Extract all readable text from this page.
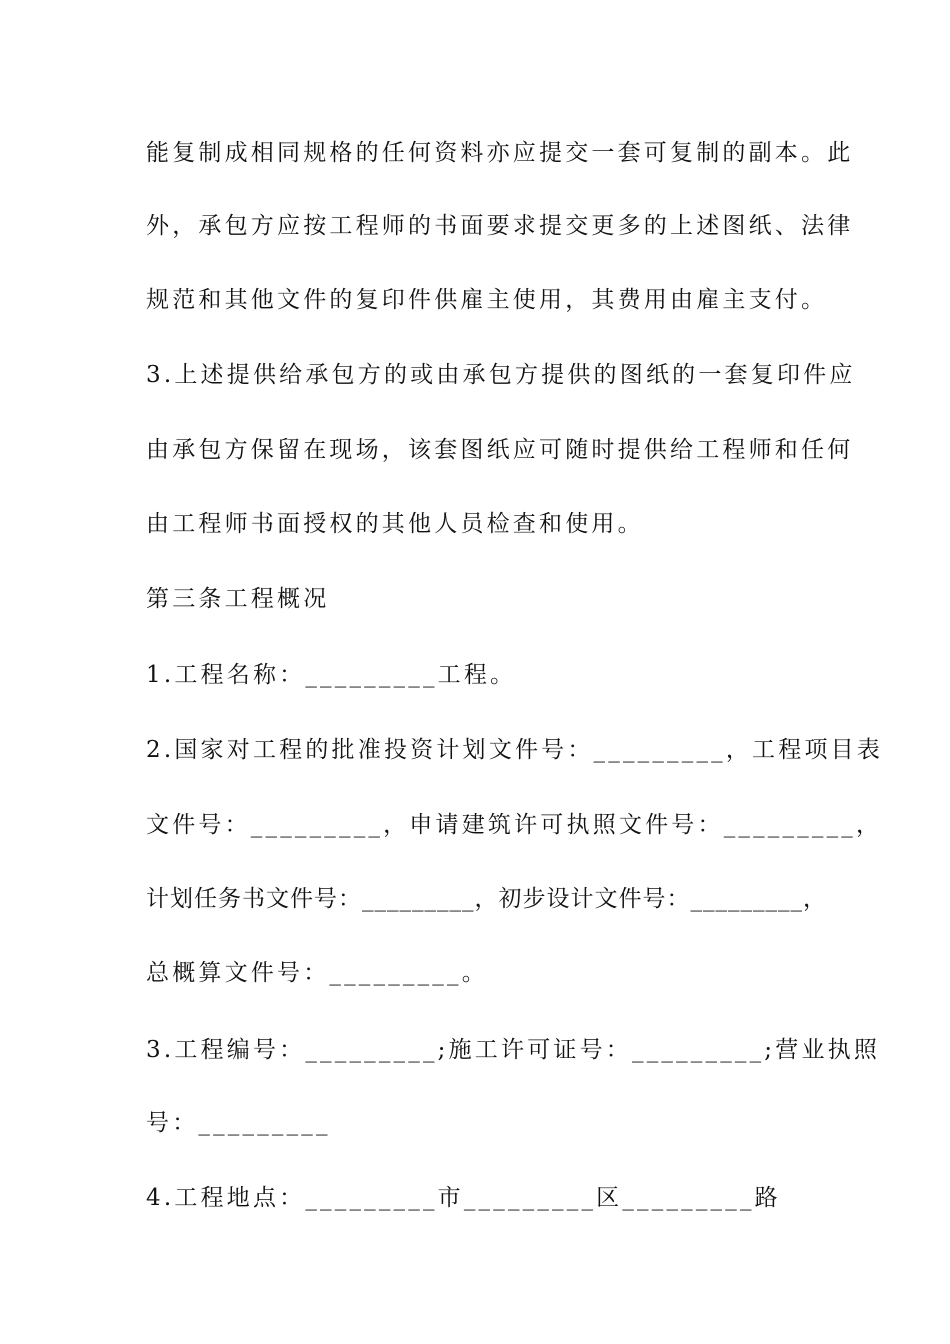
能复制成相同规格的任何资料亦应提交一套可复制的副本。此
外，承包方应按工程师的书面要求提交更多的上述图纸、法律
规范和其他文件的复印件供雇主使用，其费用由雇主支付。
3.上述提供给承包方的或由承包方提供的图纸的一套复印件应
由承包方保留在现场，该套图纸应可随时提供给工程师和任何
由工程师书面授权的其他人员检查和使用。
第三条工程概况
1.工程名称：_________工程。
2.国家对工程的批准投资计划文件号：_________，工程项目表
文件号：_________，申请建筑许可执照文件号：_________，
计划任务书文件号：_________，初步设计文件号：_________，
总概算文件号：_________。
3.工程编号：_________;施工许可证号：_________;营业执照
号：_________
4.工程地点：_________市_________区_________路
